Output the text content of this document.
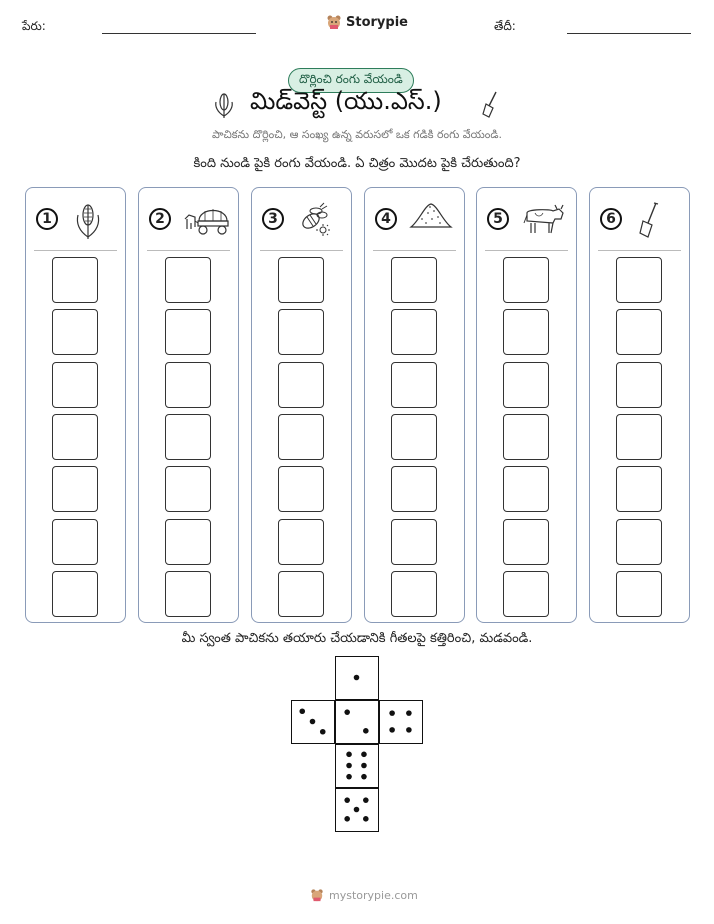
పేరు:	Storypie	తేదీ:
దొర్లించి రంగు వేయండి
మిడ్‌వెస్ట్ (యు.ఎస్.)
పాచికను దొర్లించి, ఆ సంఖ్య ఉన్న వరుసలో ఒక గడికి రంగు వేయండి.
కింది నుండి పైకి రంగు వేయండి. ఏ చిత్రం మొదట పైకి చేరుతుంది?
1	2	3	4	5	6
మీ స్వంత పాచికను తయారు చేయడానికి గీతలపై కత్తిరించి, మడవండి.
mystorypie.com
